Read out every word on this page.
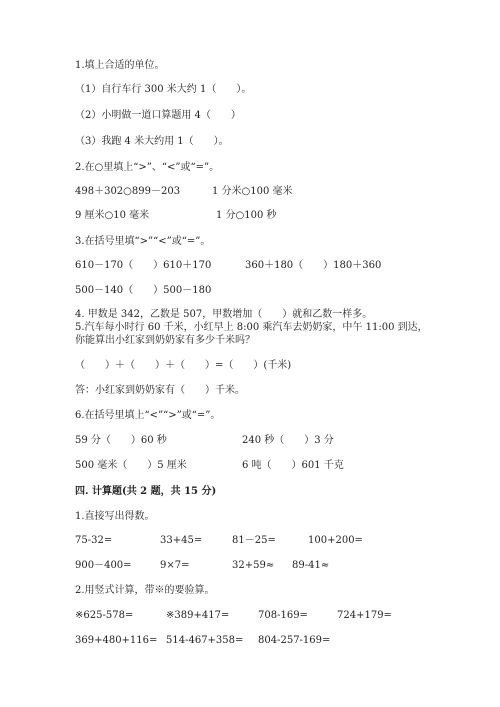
1.填上合适的单位。
（1）自行车行 300 米大约 1（　　）。
（2）小明做一道口算题用 4（　　）
（3）我跑 4 米大约用 1（　　）。
2.在○里填上“>”、“<”或“=”。
498＋302○899－203	1 分米○100 毫米
9 厘米○10 毫米	1 分○100 秒
3.在括号里填“>”“<”或“=”。
610－170（　　）610＋170	360＋180（　　）180＋360
500－140（　　）500－180
4. 甲数是 342，乙数是 507，甲数增加（　　）就和乙数一样多。
5.汽车每小时行 60 千米，小红早上 8:00 乘汽车去奶奶家，中午 11:00 到达，
你能算出小红家到奶奶家有多少千米吗？
（　　）＋（　　）＋（　　）=（　　）(千米)
答：小红家到奶奶家有（　　）千米。
6.在括号里填上“<”“>”或“=”。
59 分（　　）60 秒	240 秒（　　）3 分
500 毫米（　　）5 厘米	6 吨（　　）601 千克
四. 计算题(共 2 题，共 15 分)
1.直接写出得数。
75-32=	33+45=	81－25=	100+200=
900－400=	9×7=	32+59≈ 89-41≈
2.用竖式计算，带※的要验算。
※625-578=	※389+417=	708-169=	724+179=
369+480+116= 514-467+358= 804-257-169=
